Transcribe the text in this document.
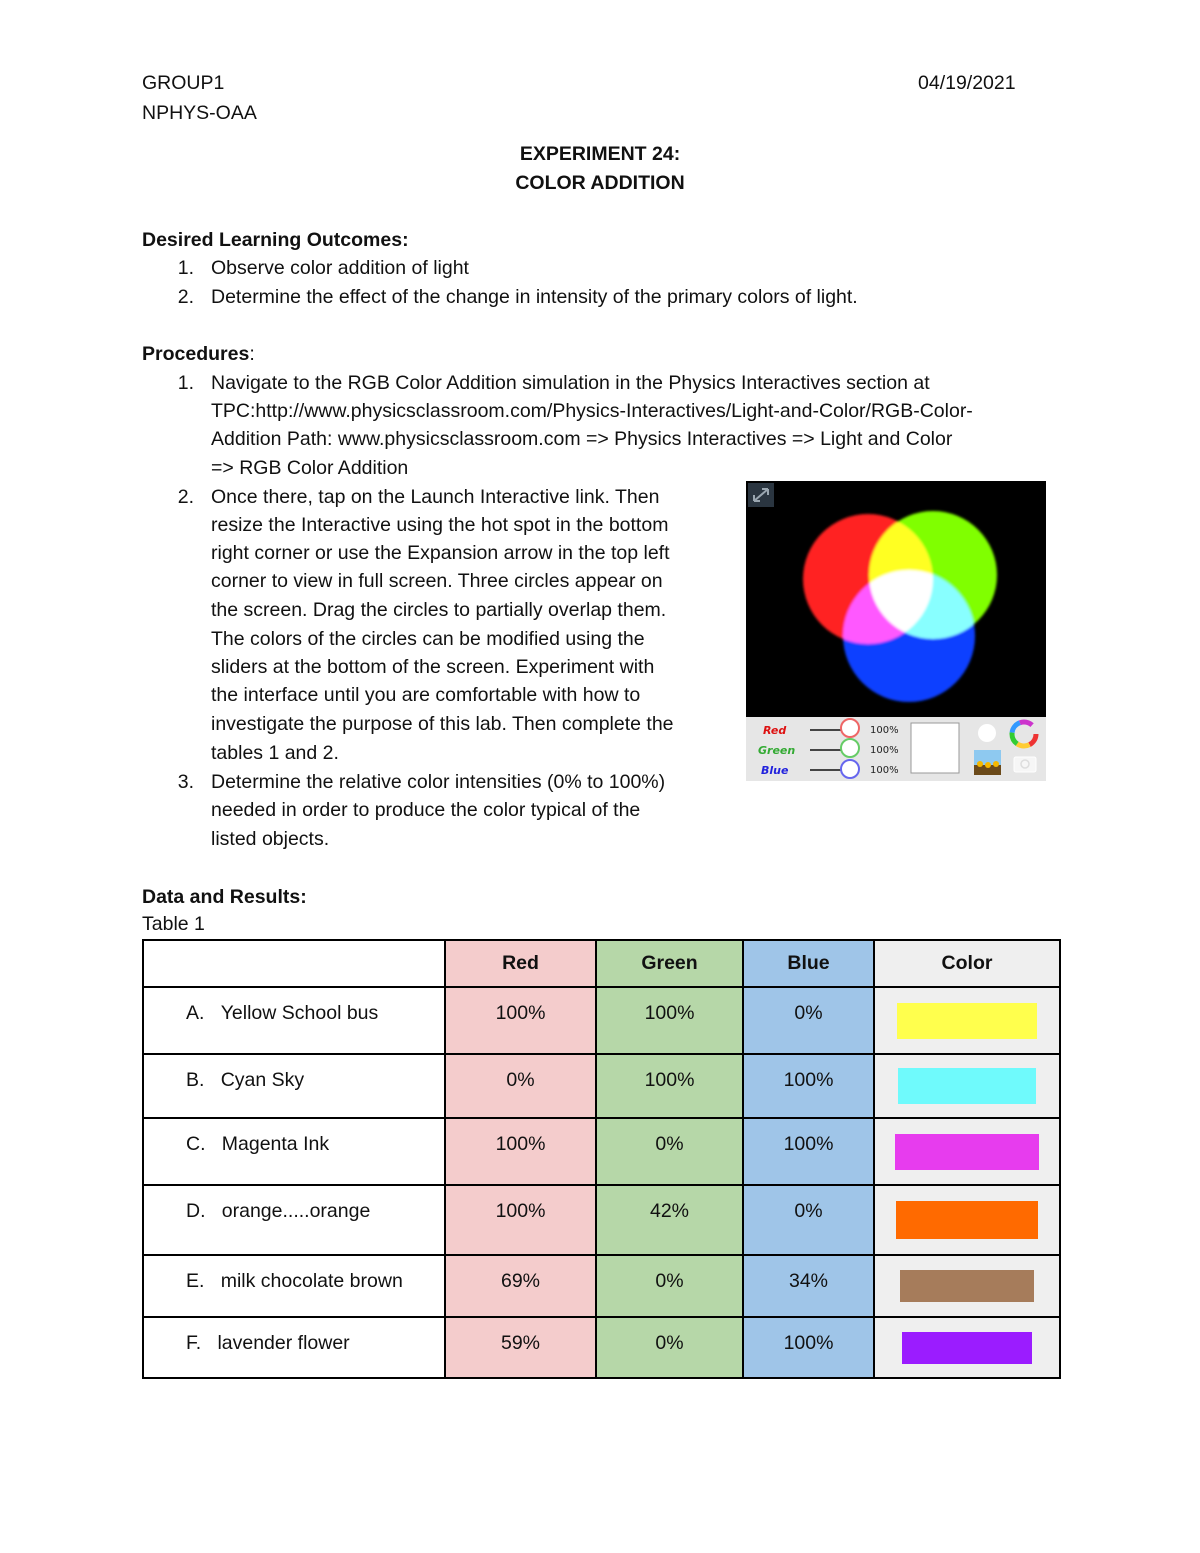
GROUP1
NPHYS-OAA
04/19/2021
EXPERIMENT 24:
COLOR ADDITION
Desired Learning Outcomes:
1. Observe color addition of light
2. Determine the effect of the change in intensity of the primary colors of light.
Procedures:
1. Navigate to the RGB Color Addition simulation in the Physics Interactives section at
TPC:http://www.physicsclassroom.com/Physics-Interactives/Light-and-Color/RGB-Color-
Addition Path: www.physicsclassroom.com => Physics Interactives => Light and Color
=> RGB Color Addition
2. Once there, tap on the Launch Interactive link. Then
resize the Interactive using the hot spot in the bottom
right corner or use the Expansion arrow in the top left
corner to view in full screen. Three circles appear on
the screen. Drag the circles to partially overlap them.
The colors of the circles can be modified using the
sliders at the bottom of the screen. Experiment with
the interface until you are comfortable with how to
investigate the purpose of this lab. Then complete the
tables 1 and 2.
3. Determine the relative color intensities (0% to 100%)
needed in order to produce the color typical of the
listed objects.
Red
Green
Blue
100%
100%
100%
Data and Results:
Table 1
	Red	Green	Blue	Color
A. Yellow School bus	100%	100%	0%	

B. Cyan Sky	0%	100%	100%	

C. Magenta Ink	100%	0%	100%	

D. orange.....orange	100%	42%	0%	

E. milk chocolate brown	69%	0%	34%	

F. lavender flower	59%	0%	100%	
